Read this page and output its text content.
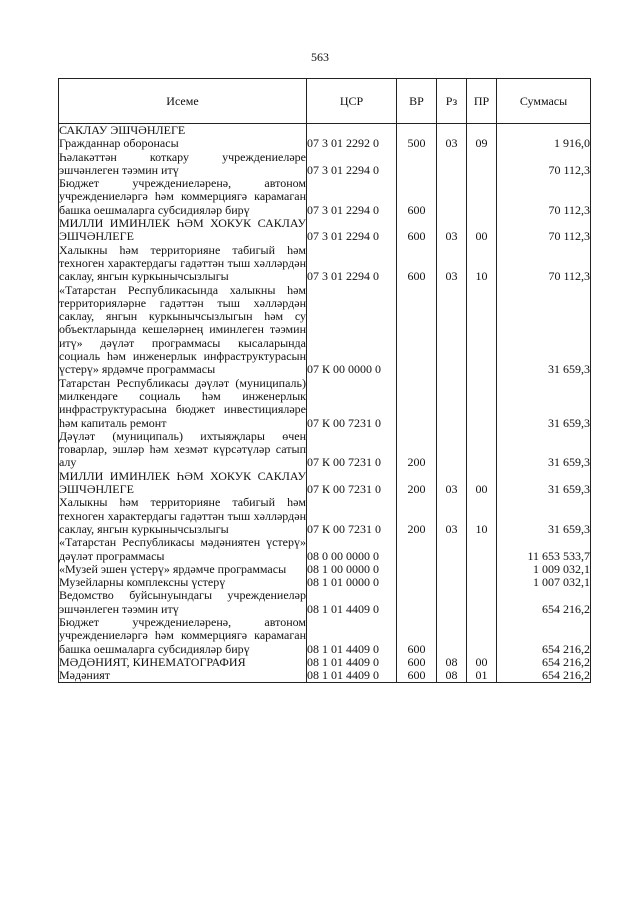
563
Исеме	ЦСР	ВР	Рз	ПР	Суммасы
САКЛАУ ЭШЧӘНЛЕГЕ					
Гражданнар оборонасы	07 3 01 2292 0	500	03	09	1 916,0
Һәлакәттән коткару учреждениеләре эшчәнлеген тәэмин итү	07 3 01 2294 0				70 112,3
Бюджет учреждениеләренә, автоном учреждениеләргә һәм коммерциягә карамаган башка оешмаларга субсидияләр бирү	07 3 01 2294 0	600			70 112,3
МИЛЛИ ИМИНЛЕК ҺӘМ ХОКУК САКЛАУ ЭШЧӘНЛЕГЕ	07 3 01 2294 0	600	03	00	70 112,3
Халыкны һәм территорияне табигый һәм техноген характердагы гадәттән тыш хәлләрдән саклау, янгын куркынычсызлыгы	07 3 01 2294 0	600	03	10	70 112,3
«Татарстан Республикасында халыкны һәм территорияләрне гадәттән тыш хәлләрдән саклау, янгын куркынычсызлыгын һәм су объектларында кешеләрнең иминлеген тәэмин итү» дәүләт программасы кысаларында социаль һәм инженерлык инфраструктурасын үстерү» ярдәмче программасы	07 К 00 0000 0				31 659,3
Татарстан Республикасы дәүләт (муниципаль) милкендәге социаль һәм инженерлык инфраструктурасына бюджет инвестицияләре һәм капиталь ремонт	07 К 00 7231 0				31 659,3
Дәүләт (муниципаль) ихтыяҗлары өчен товарлар, эшләр һәм хезмәт күрсәтүләр сатып алу	07 К 00 7231 0	200			31 659,3
МИЛЛИ ИМИНЛЕК ҺӘМ ХОКУК САКЛАУ ЭШЧӘНЛЕГЕ	07 К 00 7231 0	200	03	00	31 659,3
Халыкны һәм территорияне табигый һәм техноген характердагы гадәттән тыш хәлләрдән саклау, янгын куркынычсызлыгы	07 К 00 7231 0	200	03	10	31 659,3
«Татарстан Республикасы мәдәниятен үстерү» дәүләт программасы	08 0 00 0000 0				11 653 533,7
«Музей эшен үстерү» ярдәмче программасы	08 1 00 0000 0				1 009 032,1
Музейларны комплексны үстерү	08 1 01 0000 0				1 007 032,1
Ведомство буйсынуындагы учреждениеләр эшчәнлеген тәэмин итү	08 1 01 4409 0				654 216,2
Бюджет учреждениеләренә, автоном учреждениеләргә һәм коммерциягә карамаган башка оешмаларга субсидияләр бирү	08 1 01 4409 0	600			654 216,2
МӘДӘНИЯТ, КИНЕМАТОГРАФИЯ	08 1 01 4409 0	600	08	00	654 216,2
Мәдәният	08 1 01 4409 0	600	08	01	654 216,2
